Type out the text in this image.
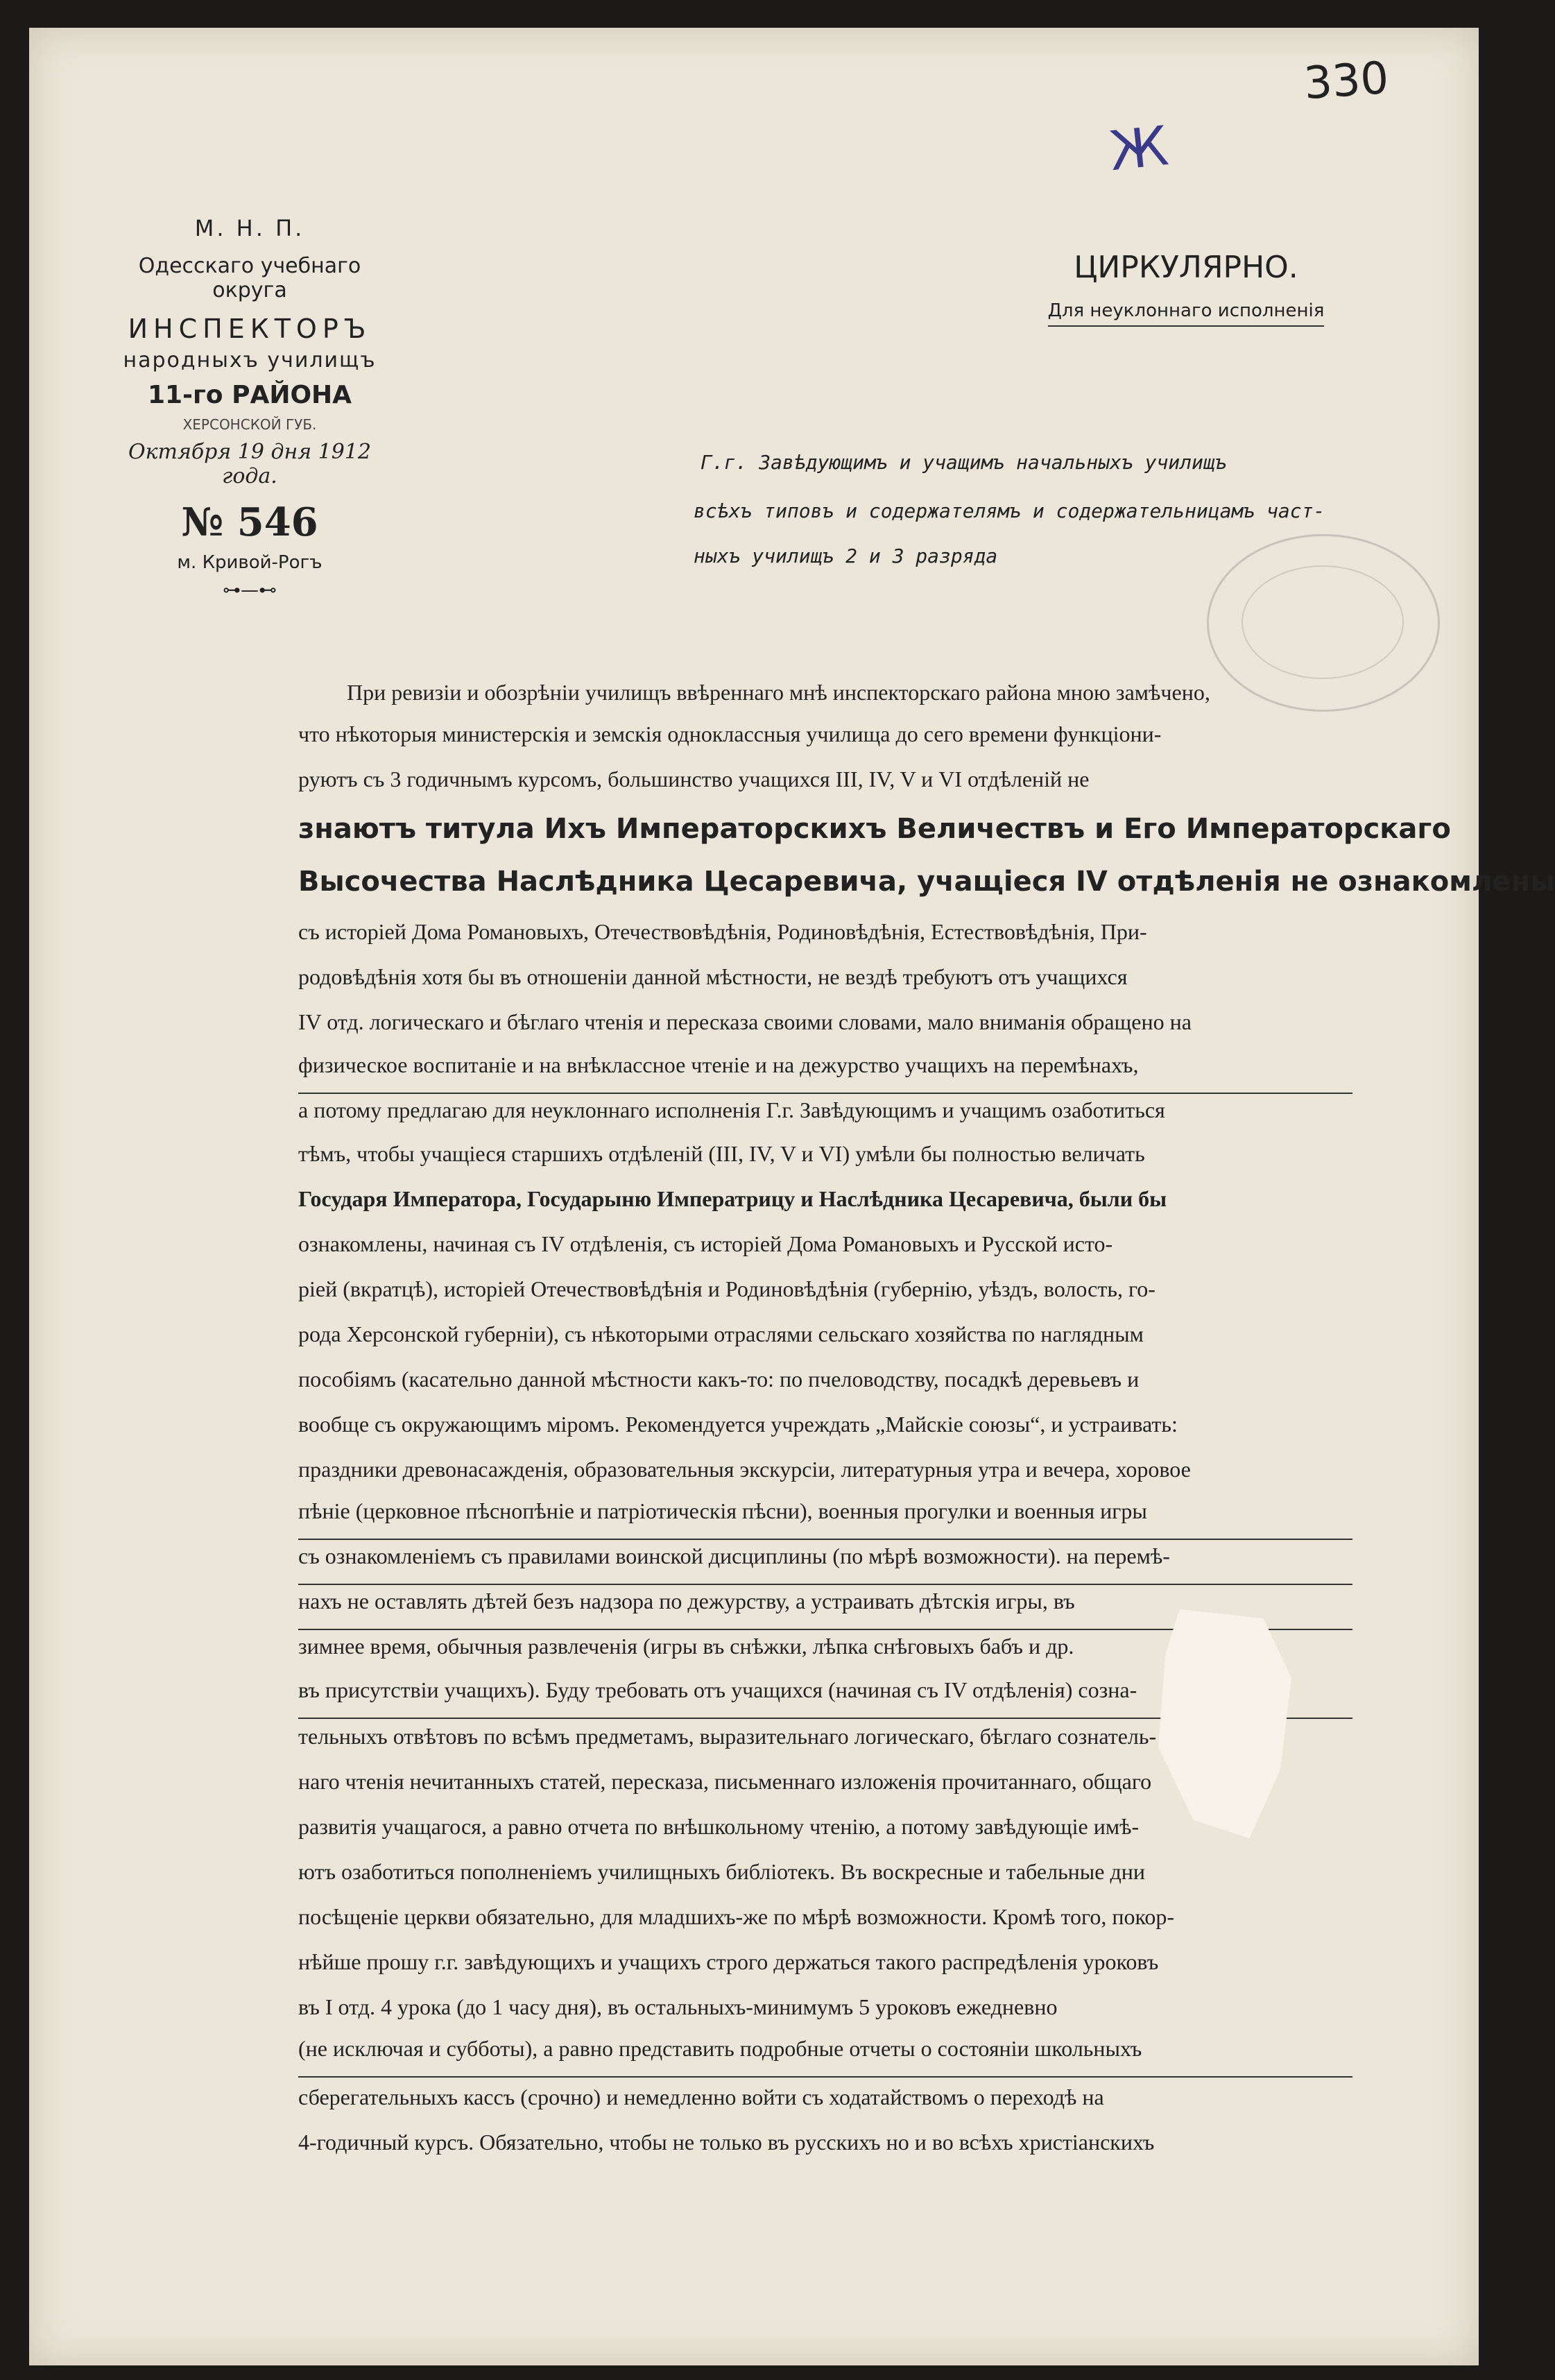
330
Ж
М. Н. П.
Одесскаго учебнаго округа
ИНСПЕКТОРЪ
народныхъ училищъ
11-го РАЙОНА
ХЕРСОНСКОЙ ГУБ.
Октября 19 дня 1912 года.
№ 546
м. Кривой-Рогъ
⊶—⊷
ЦИРКУЛЯРНО.
Для неуклоннаго исполненія
Г.г. Завѣдующимъ и учащимъ начальныхъ училищъ
всѣхъ типовъ и содержателямъ и содержательницамъ част-
ныхъ училищъ 2 и 3 разряда
При ревизіи и обозрѣніи училищъ ввѣреннаго мнѣ инспекторскаго района мною замѣчено,
что нѣкоторыя министерскія и земскія одноклассныя училища до сего времени функціони-
руютъ съ 3 годичнымъ курсомъ, большинство учащихся III, IV, V и VI отдѣленій не
знаютъ титула Ихъ Императорскихъ Величествъ и Его Императорскаго
Высочества Наслѣдника Цесаревича, учащіеся IV отдѣленія не ознакомлены
съ исторіей Дома Романовыхъ, Отечествовѣдѣнія, Родиновѣдѣнія, Естествовѣдѣнія, При-
родовѣдѣнія хотя бы въ отношеніи данной мѣстности, не вездѣ требуютъ отъ учащихся
IV отд. логическаго и бѣглаго чтенія и пересказа своими словами, мало вниманія обращено на
физическое воспитаніе и на внѣклассное чтеніе и на дежурство учащихъ на перемѣнахъ,
а потому предлагаю для неуклоннаго исполненія Г.г. Завѣдующимъ и учащимъ озаботиться
тѣмъ, чтобы учащіеся старшихъ отдѣленій (III, IV, V и VI) умѣли бы полностью величать
Государя Императора, Государыню Императрицу и Наслѣдника Цесаревича, были бы
ознакомлены, начиная съ IV отдѣленія, съ исторіей Дома Романовыхъ и Русской исто-
ріей (вкратцѣ), исторіей Отечествовѣдѣнія и Родиновѣдѣнія (губернію, уѣздъ, волость, го-
рода Херсонской губерніи), съ нѣкоторыми отраслями сельскаго хозяйства по наглядным
пособіямъ (касательно данной мѣстности какъ-то: по пчеловодству, посадкѣ деревьевъ и
вообще съ окружающимъ міромъ. Рекомендуется учреждать „Майскіе союзы“, и устраивать:
праздники древонасажденія, образовательныя экскурсіи, литературныя утра и вечера, хоровое
пѣніе (церковное пѣснопѣніе и патріотическія пѣсни), военныя прогулки и военныя игры
съ ознакомленіемъ съ правилами воинской дисциплины (по мѣрѣ возможности). на перемѣ-
нахъ не оставлять дѣтей безъ надзора по дежурству, а устраивать дѣтскія игры, въ
зимнее время, обычныя развлеченія (игры въ снѣжки, лѣпка снѣговыхъ бабъ и др.
въ присутствіи учащихъ). Буду требовать отъ учащихся (начиная съ IV отдѣленія) созна-
тельныхъ отвѣтовъ по всѣмъ предметамъ, выразительнаго логическаго, бѣглаго сознатель-
наго чтенія нечитанныхъ статей, пересказа, письменнаго изложенія прочитаннаго, общаго
развитія учащагося, а равно отчета по внѣшкольному чтенію, а потому завѣдующіе имѣ-
ютъ озаботиться пополненіемъ училищныхъ библіотекъ. Въ воскресные и табельные дни
посѣщеніе церкви обязательно, для младшихъ-же по мѣрѣ возможности. Кромѣ того, покор-
нѣйше прошу г.г. завѣдующихъ и учащихъ строго держаться такого распредѣленія уроковъ
въ I отд. 4 урока (до 1 часу дня), въ остальныхъ-минимумъ 5 уроковъ ежедневно
(не исключая и субботы), а равно представить подробные отчеты о состояніи школьныхъ
сберегательныхъ кассъ (срочно) и немедленно войти съ ходатайствомъ о переходѣ на
4-годичный курсъ. Обязательно, чтобы не только въ русскихъ но и во всѣхъ христіанскихъ
